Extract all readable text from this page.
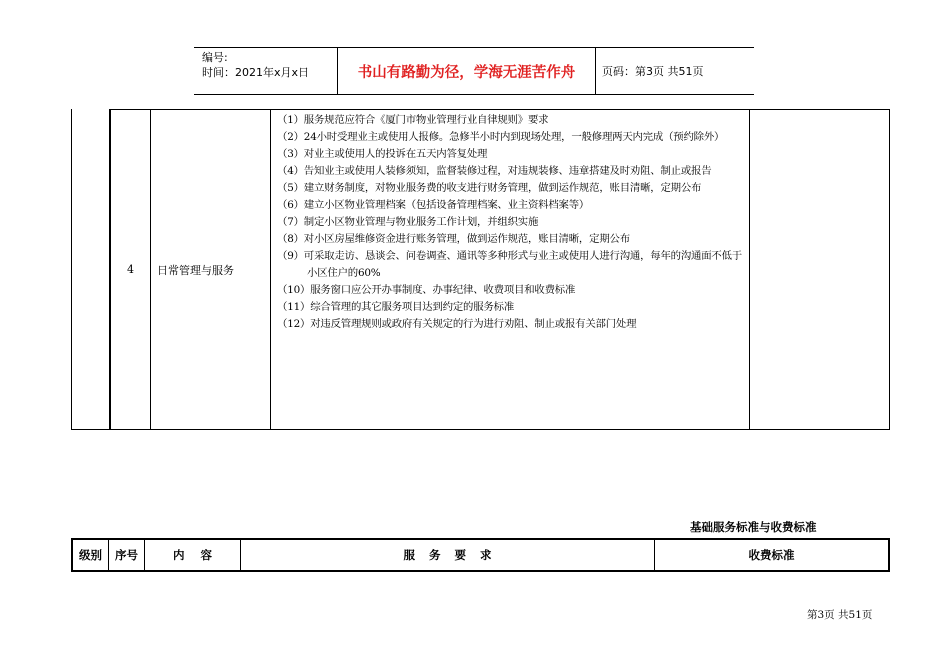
编号:
时间：2021年x月x日	书山有路勤为径，学海无涯苦作舟	页码：第3页 共51页
4 日常管理与服务
（1）服务规范应符合《厦门市物业管理行业自律规则》要求
（2）24小时受理业主或使用人报修。急修半小时内到现场处理，一般修理两天内完成（预约除外）
（3）对业主或使用人的投诉在五天内答复处理
（4）告知业主或使用人装修须知，监督装修过程，对违规装修、违章搭建及时劝阻、制止或报告
（5）建立财务制度，对物业服务费的收支进行财务管理，做到运作规范，账目清晰，定期公布
（6）建立小区物业管理档案（包括设备管理档案、业主资料档案等）
（7）制定小区物业管理与物业服务工作计划，并组织实施
（8）对小区房屋维修资金进行账务管理，做到运作规范，账目清晰，定期公布
（9）可采取走访、恳谈会、问卷调查、通讯等多种形式与业主或使用人进行沟通，每年的沟通面不低于小区住户的60%
（10）服务窗口应公开办事制度、办事纪律、收费项目和收费标准
（11）综合管理的其它服务项目达到约定的服务标准
（12）对违反管理规则或政府有关规定的行为进行劝阻、制止或报有关部门处理
基础服务标准与收费标准
级别	序号	内 容	服 务 要 求	收费标准
第3页 共51页
